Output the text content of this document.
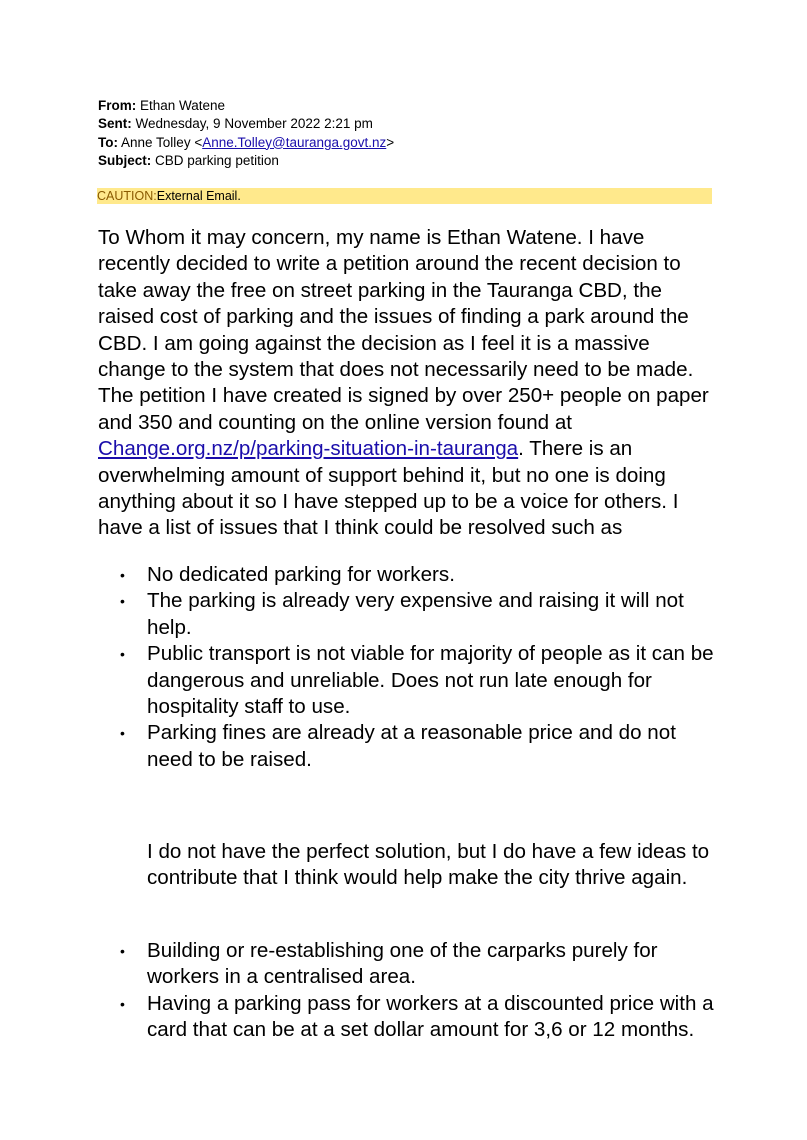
From: Ethan Watene
Sent: Wednesday, 9 November 2022 2:21 pm
To: Anne Tolley <Anne.Tolley@tauranga.govt.nz>
Subject: CBD parking petition
CAUTION:External Email.

To Whom it may concern, my name is Ethan Watene. I have recently decided to write a petition around the recent decision to take away the free on street parking in the Tauranga CBD, the raised cost of parking and the issues of finding a park around the CBD. I am going against the decision as I feel it is a massive change to the system that does not necessarily need to be made. The petition I have created is signed by over 250+ people on paper and 350 and counting on the online version found at Change.org.nz/p/parking-situation-in-tauranga. There is an overwhelming amount of support behind it, but no one is doing anything about it so I have stepped up to be a voice for others. I have a list of issues that I think could be resolved such as

• No dedicated parking for workers.
• The parking is already very expensive and raising it will not help.
• Public transport is not viable for majority of people as it can be dangerous and unreliable. Does not run late enough for hospitality staff to use.
• Parking fines are already at a reasonable price and do not need to be raised.
I do not have the perfect solution, but I do have a few ideas to contribute that I think would help make the city thrive again.
• Building or re-establishing one of the carparks purely for workers in a centralised area.
• Having a parking pass for workers at a discounted price with a card that can be at a set dollar amount for 3,6 or 12 months.
